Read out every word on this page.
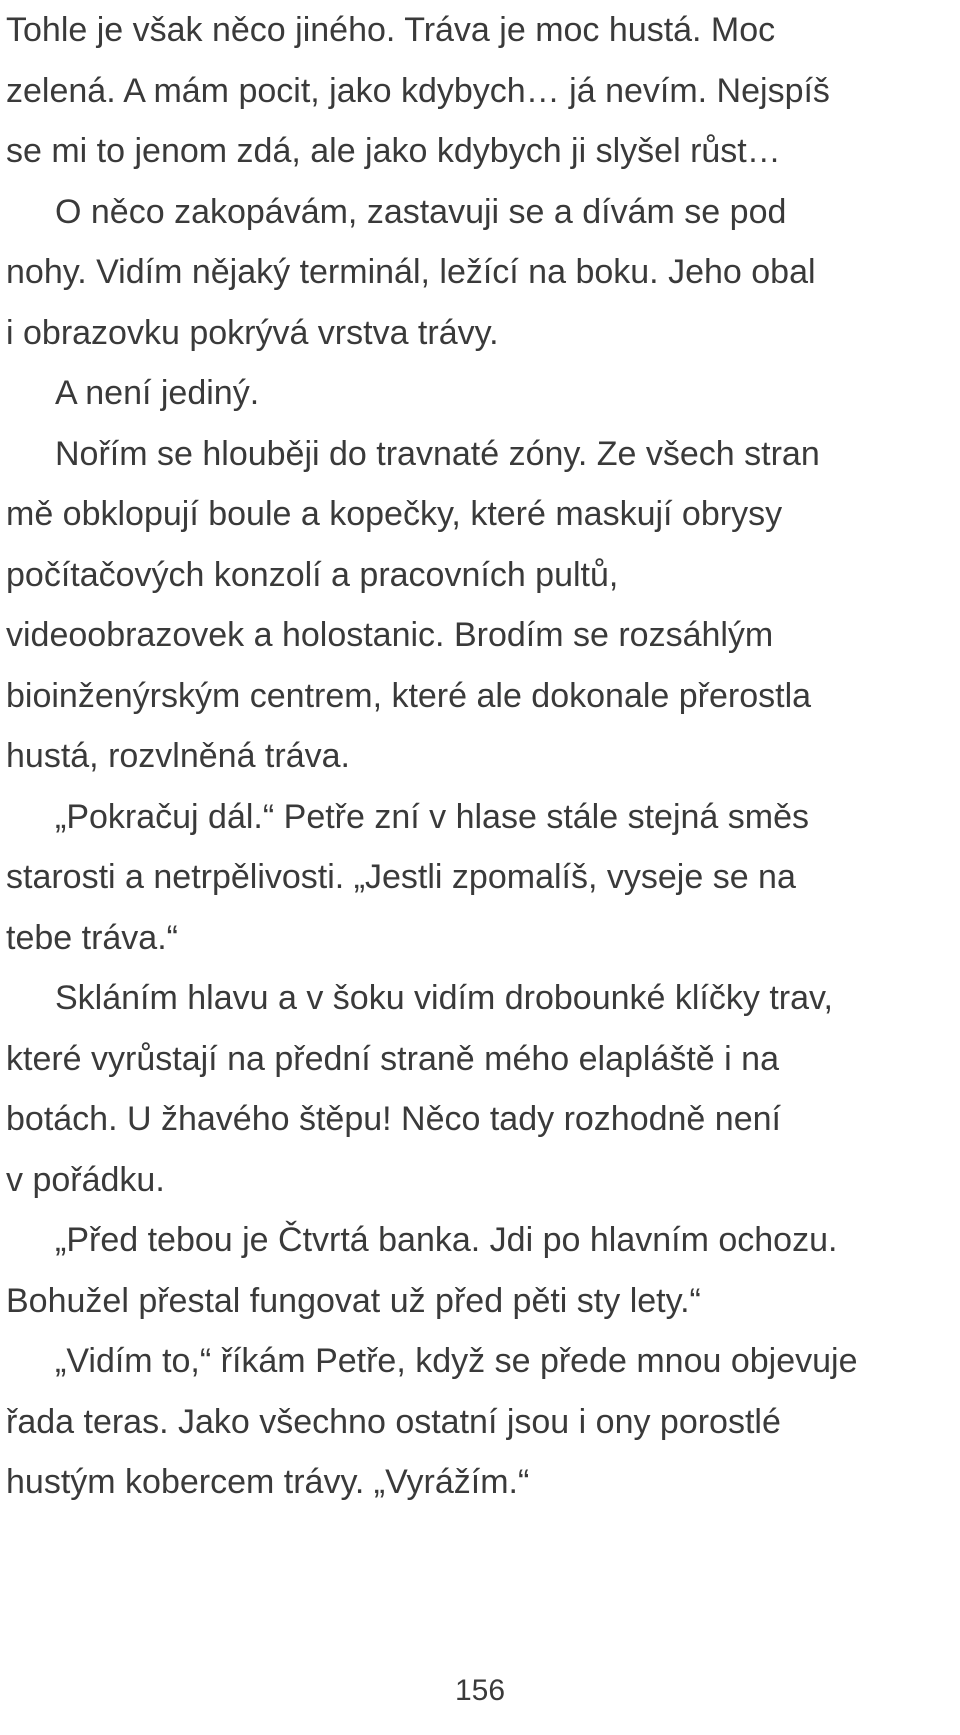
Tohle je však něco jiného. Tráva je moc hustá. Moc
zelená. A mám pocit, jako kdybych… já nevím. Nejspíš
se mi to jenom zdá, ale jako kdybych ji slyšel růst…

O něco zakopávám, zastavuji se a dívám se pod
nohy. Vidím nějaký terminál, ležící na boku. Jeho obal
i obrazovku pokrývá vrstva trávy.

A není jediný.

Nořím se hlouběji do travnaté zóny. Ze všech stran
mě obklopují boule a kopečky, které maskují obrysy
počítačových konzolí a pracovních pultů,
videoobrazovek a holostanic. Brodím se rozsáhlým
bioinženýrským centrem, které ale dokonale přerostla
hustá, rozvlněná tráva.

„Pokračuj dál.“ Petře zní v hlase stále stejná směs
starosti a netrpělivosti. „Jestli zpomalíš, vyseje se na
tebe tráva.“

Skláním hlavu a v šoku vidím drobounké klíčky trav,
které vyrůstají na přední straně mého elapláště i na
botách. U žhavého štěpu! Něco tady rozhodně není
v pořádku.

„Před tebou je Čtvrtá banka. Jdi po hlavním ochozu.
Bohužel přestal fungovat už před pěti sty lety.“

„Vidím to,“ říkám Petře, když se přede mnou objevuje
řada teras. Jako všechno ostatní jsou i ony porostlé
hustým kobercem trávy. „Vyrážím.“

156
